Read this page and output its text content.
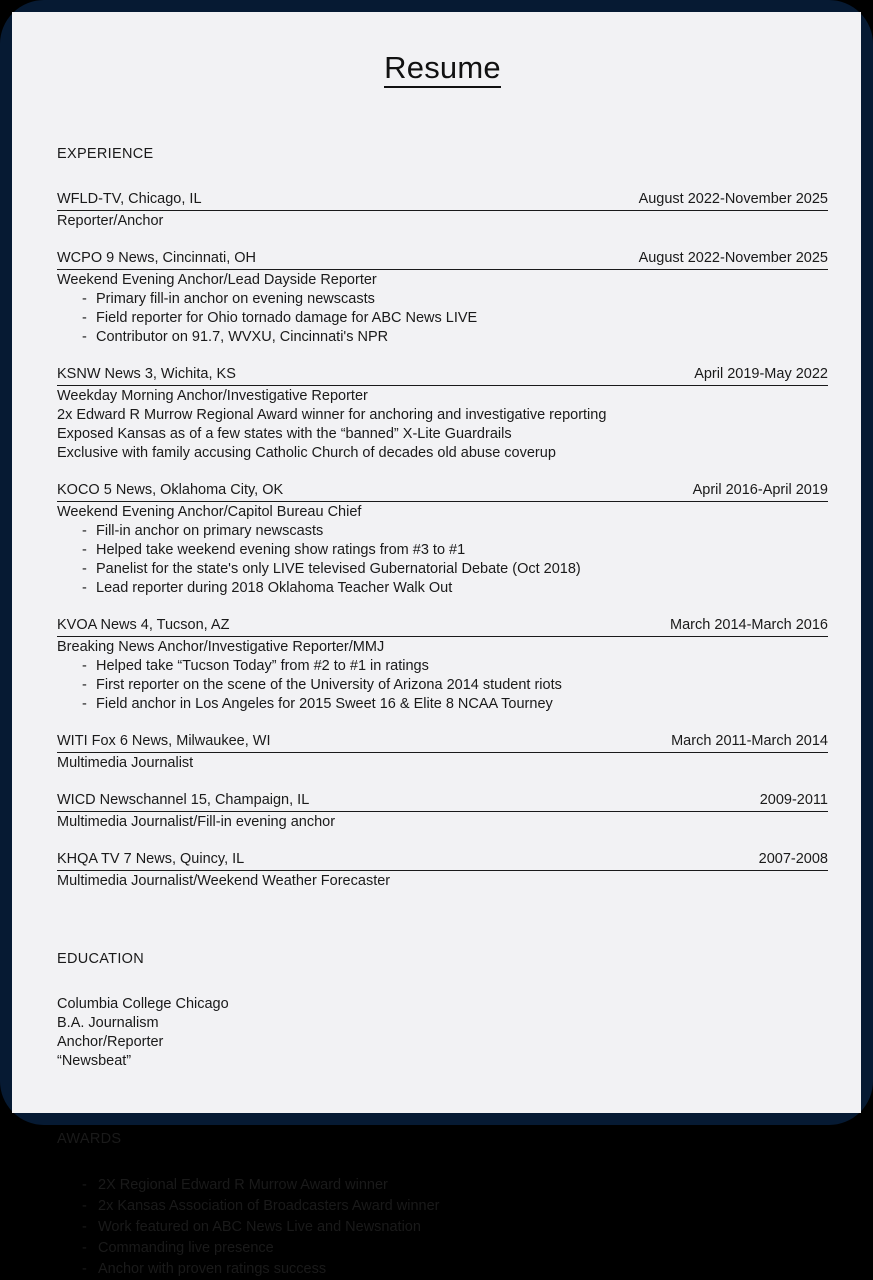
Resume
EXPERIENCE
WFLD-TV, Chicago, IL	August 2022-November 2025
Reporter/Anchor
WCPO 9 News, Cincinnati, OH	August 2022-November 2025
Weekend Evening Anchor/Lead Dayside Reporter
- Primary fill-in anchor on evening newscasts
- Field reporter for Ohio tornado damage for ABC News LIVE
- Contributor on 91.7, WVXU, Cincinnati's NPR
KSNW News 3, Wichita, KS	April 2019-May 2022
Weekday Morning Anchor/Investigative Reporter
2x Edward R Murrow Regional Award winner for anchoring and investigative reporting
Exposed Kansas as of a few states with the “banned” X-Lite Guardrails
Exclusive with family accusing Catholic Church of decades old abuse coverup
KOCO 5 News, Oklahoma City, OK	April 2016-April 2019
Weekend Evening Anchor/Capitol Bureau Chief
- Fill-in anchor on primary newscasts
- Helped take weekend evening show ratings from #3 to #1
- Panelist for the state's only LIVE televised Gubernatorial Debate (Oct 2018)
- Lead reporter during 2018 Oklahoma Teacher Walk Out
KVOA News 4, Tucson, AZ	March 2014-March 2016
Breaking News Anchor/Investigative Reporter/MMJ
- Helped take “Tucson Today” from #2 to #1 in ratings
- First reporter on the scene of the University of Arizona 2014 student riots
- Field anchor in Los Angeles for 2015 Sweet 16 & Elite 8 NCAA Tourney
WITI Fox 6 News, Milwaukee, WI	March 2011-March 2014
Multimedia Journalist
WICD Newschannel 15, Champaign, IL	2009-2011
Multimedia Journalist/Fill-in evening anchor
KHQA TV 7 News, Quincy, IL	2007-2008
Multimedia Journalist/Weekend Weather Forecaster
EDUCATION
Columbia College Chicago
B.A. Journalism
Anchor/Reporter
“Newsbeat”
AWARDS
- 2X Regional Edward R Murrow Award winner
- 2x Kansas Association of Broadcasters Award winner
- Work featured on ABC News Live and Newsnation
- Commanding live presence
- Anchor with proven ratings success
